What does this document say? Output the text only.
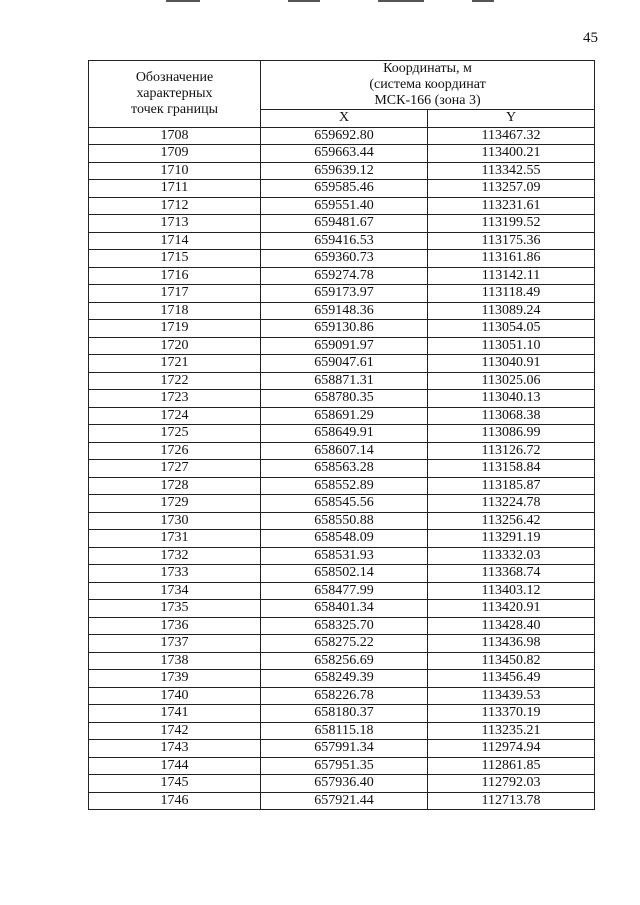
45
Обозначение
характерных
точек границы	Координаты, м
(система координат
МСК-166 (зона 3)	

	X	Y
1708	659692.80	113467.32
1709	659663.44	113400.21
1710	659639.12	113342.55
1711	659585.46	113257.09
1712	659551.40	113231.61
1713	659481.67	113199.52
1714	659416.53	113175.36
1715	659360.73	113161.86
1716	659274.78	113142.11
1717	659173.97	113118.49
1718	659148.36	113089.24
1719	659130.86	113054.05
1720	659091.97	113051.10
1721	659047.61	113040.91
1722	658871.31	113025.06
1723	658780.35	113040.13
1724	658691.29	113068.38
1725	658649.91	113086.99
1726	658607.14	113126.72
1727	658563.28	113158.84
1728	658552.89	113185.87
1729	658545.56	113224.78
1730	658550.88	113256.42
1731	658548.09	113291.19
1732	658531.93	113332.03
1733	658502.14	113368.74
1734	658477.99	113403.12
1735	658401.34	113420.91
1736	658325.70	113428.40
1737	658275.22	113436.98
1738	658256.69	113450.82
1739	658249.39	113456.49
1740	658226.78	113439.53
1741	658180.37	113370.19
1742	658115.18	113235.21
1743	657991.34	112974.94
1744	657951.35	112861.85
1745	657936.40	112792.03
1746	657921.44	112713.78
